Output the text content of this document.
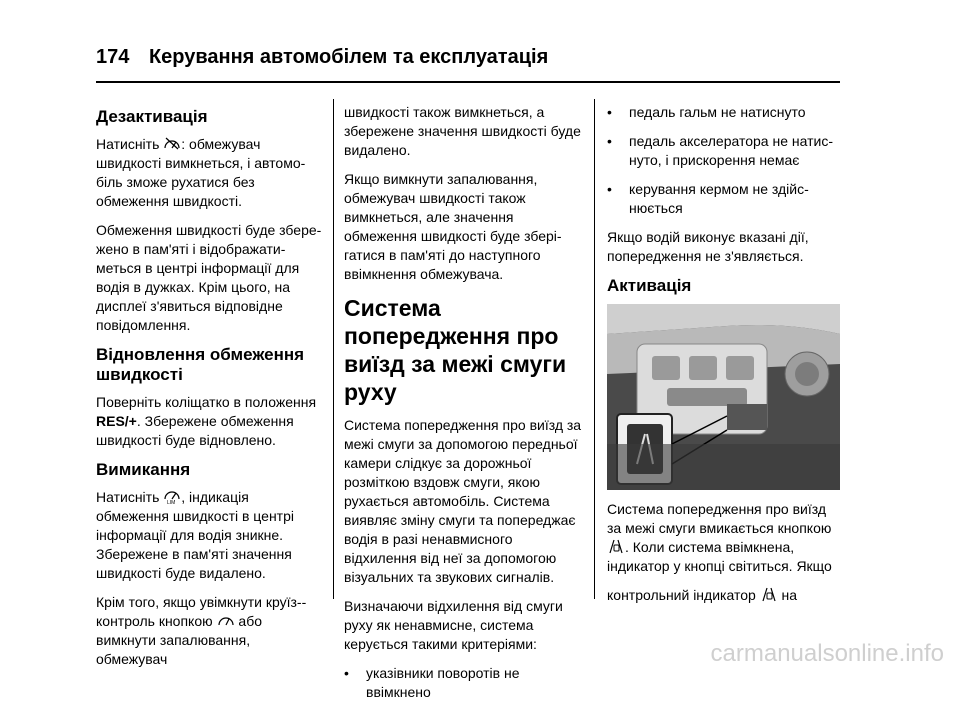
174 Керування автомобілем та експлуатація
Дезактивація

Натисніть : обмежувач швидкості вимкнеться, і автомобіль зможе рухатися без обмеження швидкості.

Обмеження швидкості буде збережено в пам'яті і відображатиметься в центрі інформації для водія в дужках. Крім цього, на дисплеї з'явиться відповідне повідомлення.

Відновлення обмеження швидкості

Поверніть коліщатко в положення RES/+. Збережене обмеження швидкості буде відновлено.

Вимикання

Натисніть LIM , індикація обмеження швидкості в центрі інформації для водія зникне. Збережене в пам'яті значення швидкості буде видалено.

Крім того, якщо увімкнути круїз-контроль кнопкою  або вимкнути запалювання, обмежувач

швидкості також вимкнеться, а збережене значення швидкості буде видалено.

Якщо вимкнути запалювання, обмежувач швидкості також вимкнеться, але значення обмеження швидкості буде зберігатися в пам'яті до наступного ввімкнення обмежувача.

Система попередження про виїзд за межі смуги руху

Система попередження про виїзд за межі смуги за допомогою передньої камери слідкує за дорожньої розміткою вздовж смуги, якою рухається автомобіль. Система виявляє зміну смуги та попереджає водія в разі ненавмисного відхилення від неї за допомогою візуальних та звукових сигналів.

Визначаючи відхилення від смуги руху як ненавмисне, система керується такими критеріями:

•	указівники поворотів не ввімкнено
•	педаль гальм не натиснуто
•	педаль акселератора не натиснуто, і прискорення немає
•	керування кермом не здійснюється

Якщо водій виконує вказані дії, попередження не з'являється.

Активація

Система попередження про виїзд за межі смуги вмикається кнопкою . Коли система ввімкнена, індикатор у кнопці світиться. Якщо

контрольний індикатор  на

carmanualsonline.info
